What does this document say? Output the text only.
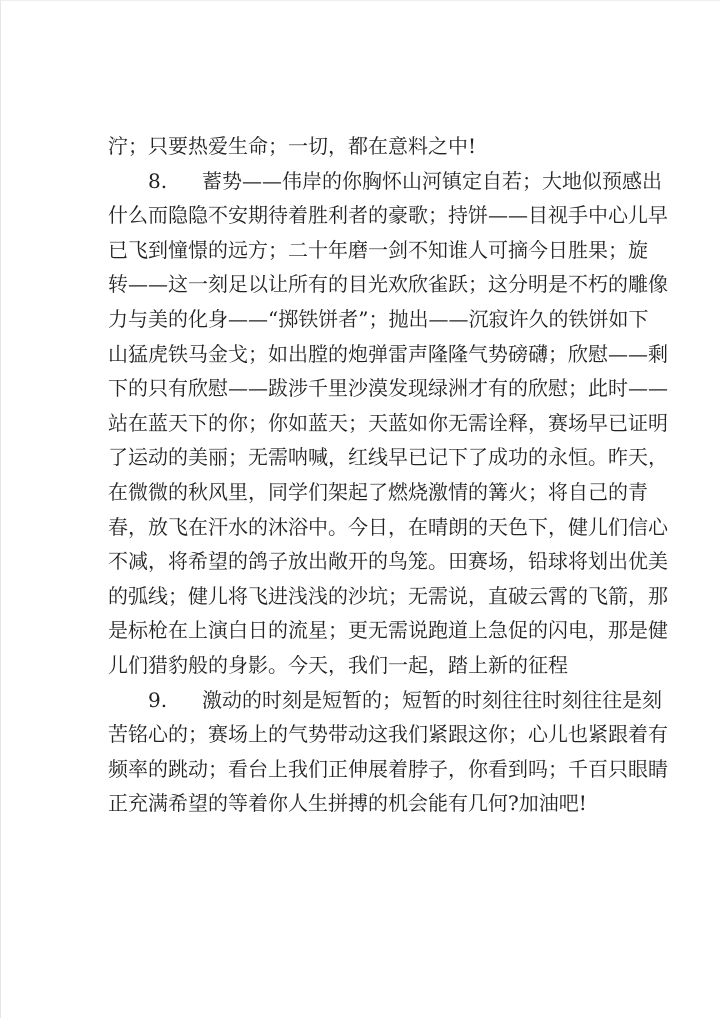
泞；只要热爱生命；一切，都在意料之中!
8. 蓄势——伟岸的你胸怀山河镇定自若；大地似预感出
什么而隐隐不安期待着胜利者的豪歌；持饼——目视手中心儿早
已飞到憧憬的远方；二十年磨一剑不知谁人可摘今日胜果；旋
转——这一刻足以让所有的目光欢欣雀跃；这分明是不朽的雕像
力与美的化身——“掷铁饼者”；抛出——沉寂许久的铁饼如下
山猛虎铁马金戈；如出膛的炮弹雷声隆隆气势磅礴；欣慰——剩
下的只有欣慰——跋涉千里沙漠发现绿洲才有的欣慰；此时——
站在蓝天下的你；你如蓝天；天蓝如你无需诠释，赛场早已证明
了运动的美丽；无需呐喊，红线早已记下了成功的永恒。昨天，
在微微的秋风里，同学们架起了燃烧激情的篝火；将自己的青
春，放飞在汗水的沐浴中。今日，在晴朗的天色下，健儿们信心
不减，将希望的鸽子放出敞开的鸟笼。田赛场，铅球将划出优美
的弧线；健儿将飞进浅浅的沙坑；无需说，直破云霄的飞箭，那
是标枪在上演白日的流星；更无需说跑道上急促的闪电，那是健
儿们猎豹般的身影。今天，我们一起，踏上新的征程
9. 激动的时刻是短暂的；短暂的时刻往往时刻往往是刻
苦铭心的；赛场上的气势带动这我们紧跟这你；心儿也紧跟着有
频率的跳动；看台上我们正伸展着脖子，你看到吗；千百只眼睛
正充满希望的等着你人生拼搏的机会能有几何?加油吧!
